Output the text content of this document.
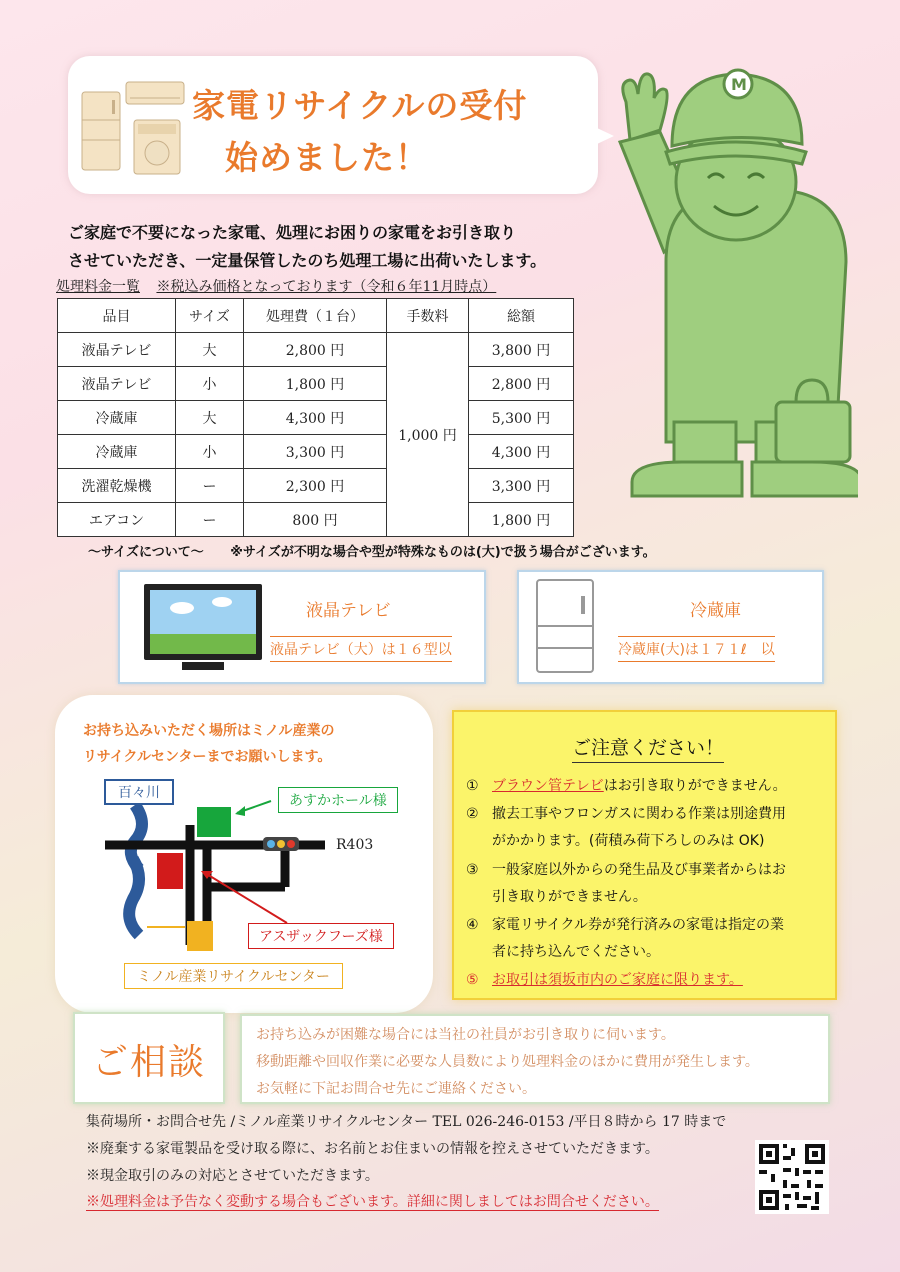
家電リサイクルの受付
始めました！
M
ご家庭で不要になった家電、処理にお困りの家電をお引き取り
させていただき、一定量保管したのち処理工場に出荷いたします。
処理料金一覧 ※税込み価格となっております（令和６年11月時点）
品目	サイズ	処理費（１台）	手数料	総額
液晶テレビ	大	2,800 円	1,000 円	3,800 円
液晶テレビ	小	1,800 円		2,800 円
冷蔵庫	大	4,300 円		5,300 円
冷蔵庫	小	3,300 円		4,300 円
洗濯乾燥機	ー	2,300 円		3,300 円
エアコン	ー	800 円		1,800 円
～サイズについて～ ※サイズが不明な場合や型が特殊なものは(大)で扱う場合がございます。
液晶テレビ
液晶テレビ（大）は１６型以
冷蔵庫
冷蔵庫(大)は１７１ℓ　以
お持ち込みいただく場所はミノル産業の
リサイクルセンターまでお願いします。
百々川	あすかホール様
R403
アスザックフーズ様
ミノル産業リサイクルセンター
ご注意ください！
① ブラウン管テレビはお引き取りができません。
② 撤去工事やフロンガスに関わる作業は別途費用
がかかります。(荷積み荷下ろしのみは OK)
③ 一般家庭以外からの発生品及び事業者からはお
引き取りができません。
④ 家電リサイクル券が発行済みの家電は指定の業
者に持ち込んでください。
⑤ お取引は須坂市内のご家庭に限ります。
ご相談
お持ち込みが困難な場合には当社の社員がお引き取りに伺います。
移動距離や回収作業に必要な人員数により処理料金のほかに費用が発生します。
お気軽に下記お問合せ先にご連絡ください。
集荷場所・お問合せ先 /ミノル産業リサイクルセンター TEL 026-246-0153 /平日８時から 17 時まで
※廃棄する家電製品を受け取る際に、お名前とお住まいの情報を控えさせていただきます。
※現金取引のみの対応とさせていただきます。
※処理料金は予告なく変動する場合もございます。詳細に関しましてはお問合せください。
